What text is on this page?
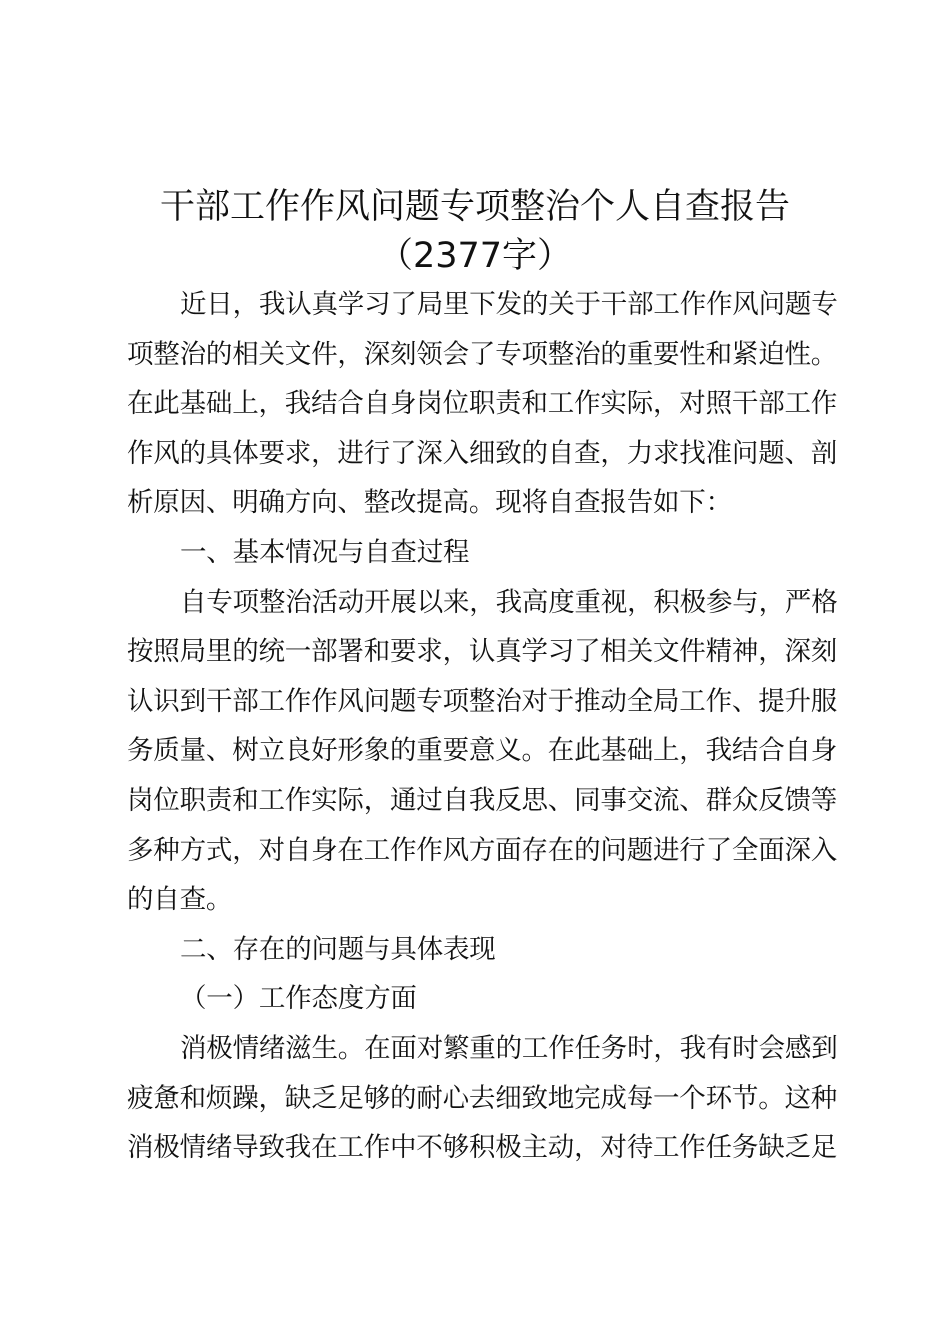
干部工作作风问题专项整治个人自查报告
（2377字）
近日，我认真学习了局里下发的关于干部工作作风问题专
项整治的相关文件，深刻领会了专项整治的重要性和紧迫性。
在此基础上，我结合自身岗位职责和工作实际，对照干部工作
作风的具体要求，进行了深入细致的自查，力求找准问题、剖
析原因、明确方向、整改提高。现将自查报告如下：
一、基本情况与自查过程
自专项整治活动开展以来，我高度重视，积极参与，严格
按照局里的统一部署和要求，认真学习了相关文件精神，深刻
认识到干部工作作风问题专项整治对于推动全局工作、提升服
务质量、树立良好形象的重要意义。在此基础上，我结合自身
岗位职责和工作实际，通过自我反思、同事交流、群众反馈等
多种方式，对自身在工作作风方面存在的问题进行了全面深入
的自查。
二、存在的问题与具体表现
（一）工作态度方面
消极情绪滋生。在面对繁重的工作任务时，我有时会感到
疲惫和烦躁，缺乏足够的耐心去细致地完成每一个环节。这种
消极情绪导致我在工作中不够积极主动，对待工作任务缺乏足
